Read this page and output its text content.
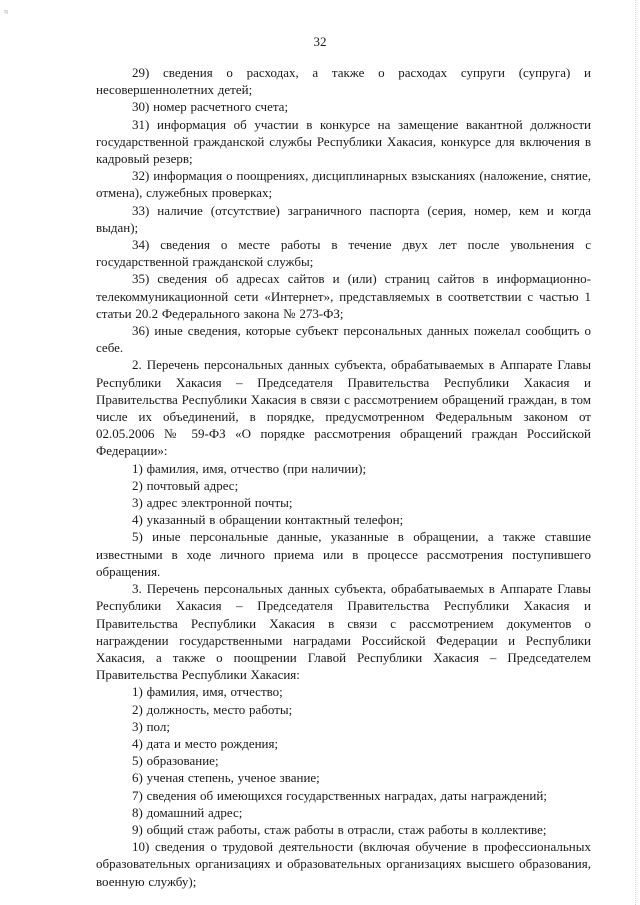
ч
32

29) сведения о расходах, а также о расходах супруги (супруга) и несовершеннолетних детей;

30) номер расчетного счета;

31) информация об участии в конкурсе на замещение вакантной должности государственной гражданской службы Республики Хакасия, конкурсе для включения в кадровый резерв;

32) информация о поощрениях, дисциплинарных взысканиях (наложение, снятие, отмена), служебных проверках;

33) наличие (отсутствие) заграничного паспорта (серия, номер, кем и когда выдан);

34) сведения о месте работы в течение двух лет после увольнения с государственной гражданской службы;

35) сведения об адресах сайтов и (или) страниц сайтов в информационно-телекоммуникационной сети «Интернет», представляемых в соответствии с частью 1 статьи 20.2 Федерального закона № 273-ФЗ;

36) иные сведения, которые субъект персональных данных пожелал сообщить о себе.

2. Перечень персональных данных субъекта, обрабатываемых в Аппарате Главы Республики Хакасия – Председателя Правительства Республики Хакасия и Правительства Республики Хакасия в связи с рассмотрением обращений граждан, в том числе их объединений, в порядке, предусмотренном Федеральным законом от 02.05.2006 № 59-ФЗ «О порядке рассмотрения обращений граждан Российской Федерации»:

1) фамилия, имя, отчество (при наличии);

2) почтовый адрес;

3) адрес электронной почты;

4) указанный в обращении контактный телефон;

5) иные персональные данные, указанные в обращении, а также ставшие известными в ходе личного приема или в процессе рассмотрения поступившего обращения.

3. Перечень персональных данных субъекта, обрабатываемых в Аппарате Главы Республики Хакасия – Председателя Правительства Республики Хакасия и Правительства Республики Хакасия в связи с рассмотрением документов о награждении государственными наградами Российской Федерации и Республики Хакасия, а также о поощрении Главой Республики Хакасия – Председателем Правительства Республики Хакасия:

1) фамилия, имя, отчество;

2) должность, место работы;

3) пол;

4) дата и место рождения;

5) образование;

6) ученая степень, ученое звание;

7) сведения об имеющихся государственных наградах, даты награждений;

8) домашний адрес;

9) общий стаж работы, стаж работы в отрасли, стаж работы в коллективе;

10) сведения о трудовой деятельности (включая обучение в профессиональных образовательных организациях и образовательных организациях высшего образования, военную службу);
